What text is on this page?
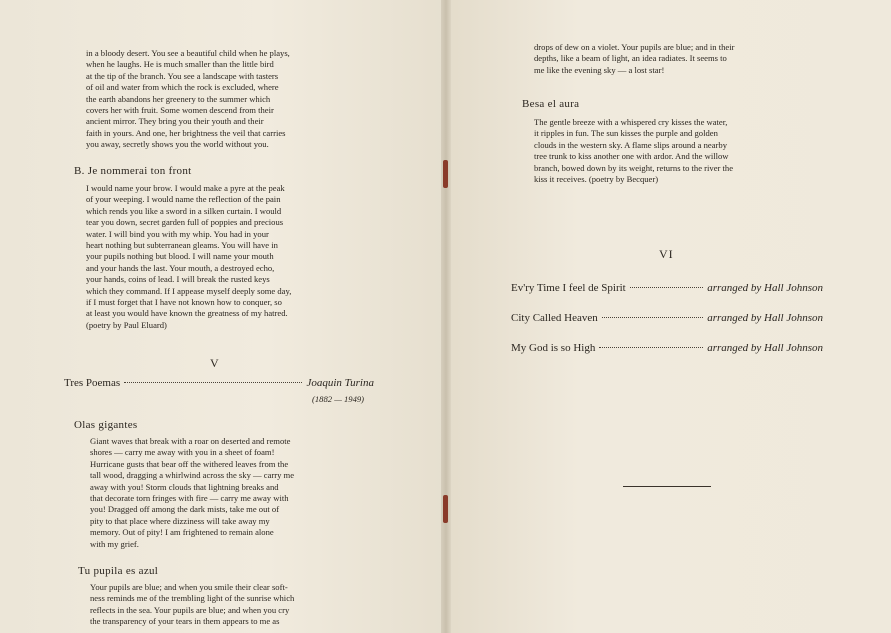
in a bloody desert. You see a beautiful child when he plays,
when he laughs. He is much smaller than the little bird
at the tip of the branch. You see a landscape with tasters
of oil and water from which the rock is excluded, where
the earth abandons her greenery to the summer which
covers her with fruit. Some women descend from their
ancient mirror. They bring you their youth and their
faith in yours. And one, her brightness the veil that carries
you away, secretly shows you the world without you.
B. Je nommerai ton front
I would name your brow. I would make a pyre at the peak
of your weeping. I would name the reflection of the pain
which rends you like a sword in a silken curtain. I would
tear you down, secret garden full of poppies and precious
water. I will bind you with my whip. You had in your
heart nothing but subterranean gleams. You will have in
your pupils nothing but blood. I will name your mouth
and your hands the last. Your mouth, a destroyed echo,
your hands, coins of lead. I will break the rusted keys
which they command. If I appease myself deeply some day,
if I must forget that I have not known how to conquer, so
at least you would have known the greatness of my hatred.
(poetry by Paul Eluard)
V
Tres Poemas	Joaquin Turina
(1882 — 1949)
Olas gigantes
Giant waves that break with a roar on deserted and remote
shores — carry me away with you in a sheet of foam!
Hurricane gusts that bear off the withered leaves from the
tall wood, dragging a whirlwind across the sky — carry me
away with you! Storm clouds that lightning breaks and
that decorate torn fringes with fire — carry me away with
you! Dragged off among the dark mists, take me out of
pity to that place where dizziness will take away my
memory. Out of pity! I am frightened to remain alone
with my grief.
Tu pupila es azul
Your pupils are blue; and when you smile their clear soft-
ness reminds me of the trembling light of the sunrise which
reflects in the sea. Your pupils are blue; and when you cry
the transparency of your tears in them appears to me as
drops of dew on a violet. Your pupils are blue; and in their
depths, like a beam of light, an idea radiates. It seems to
me like the evening sky — a lost star!
Besa el aura
The gentle breeze with a whispered cry kisses the water,
it ripples in fun. The sun kisses the purple and golden
clouds in the western sky. A flame slips around a nearby
tree trunk to kiss another one with ardor. And the willow
branch, bowed down by its weight, returns to the river the
kiss it receives. (poetry by Becquer)
VI
Ev'ry Time I feel de Spirit	arranged by Hall Johnson
City Called Heaven	arranged by Hall Johnson
My God is so High	arranged by Hall Johnson
